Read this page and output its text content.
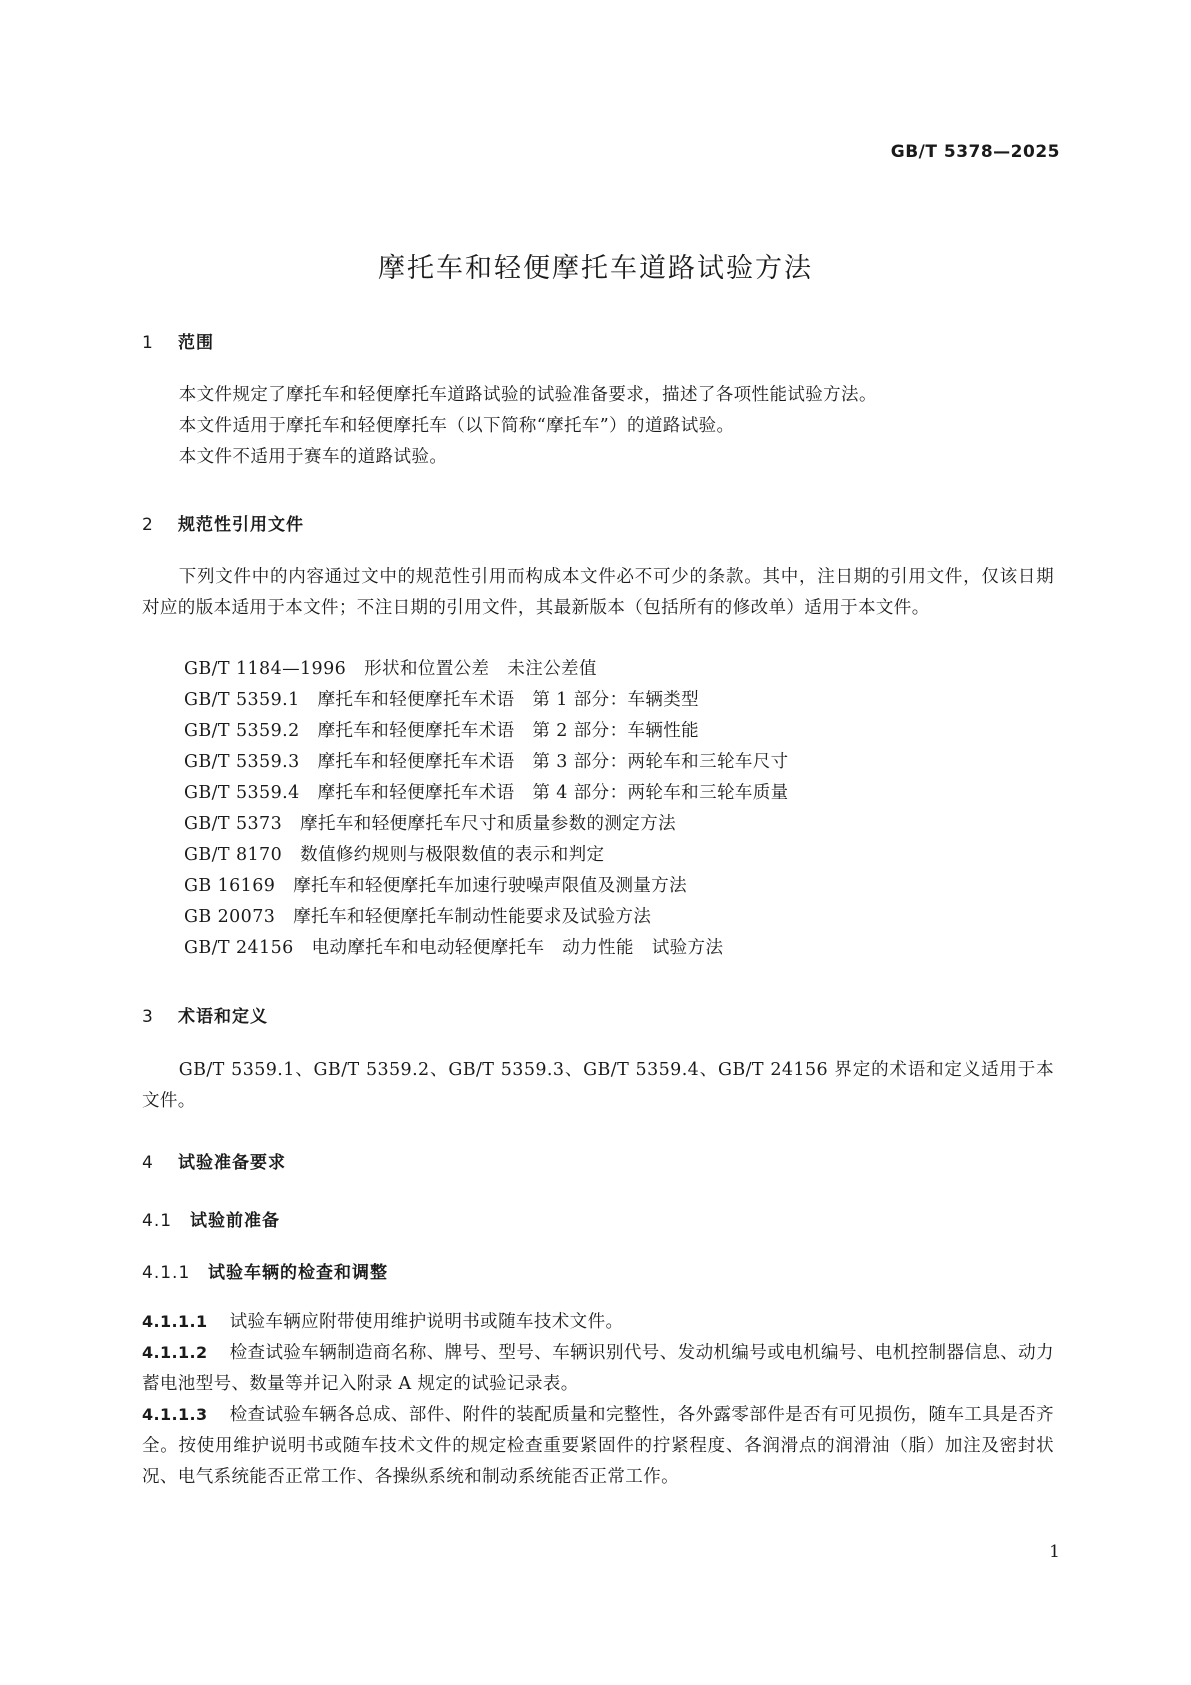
GB/T 5378—2025
摩托车和轻便摩托车道路试验方法
1 范围
本文件规定了摩托车和轻便摩托车道路试验的试验准备要求，描述了各项性能试验方法。
本文件适用于摩托车和轻便摩托车（以下简称“摩托车”）的道路试验。
本文件不适用于赛车的道路试验。
2 规范性引用文件
下列文件中的内容通过文中的规范性引用而构成本文件必不可少的条款。其中，注日期的引用文件，仅该日期对应的版本适用于本文件；不注日期的引用文件，其最新版本（包括所有的修改单）适用于本文件。
GB/T 1184—1996 形状和位置公差　未注公差值
GB/T 5359.1 摩托车和轻便摩托车术语　第 1 部分：车辆类型
GB/T 5359.2 摩托车和轻便摩托车术语　第 2 部分：车辆性能
GB/T 5359.3 摩托车和轻便摩托车术语　第 3 部分：两轮车和三轮车尺寸
GB/T 5359.4 摩托车和轻便摩托车术语　第 4 部分：两轮车和三轮车质量
GB/T 5373 摩托车和轻便摩托车尺寸和质量参数的测定方法
GB/T 8170 数值修约规则与极限数值的表示和判定
GB 16169 摩托车和轻便摩托车加速行驶噪声限值及测量方法
GB 20073 摩托车和轻便摩托车制动性能要求及试验方法
GB/T 24156 电动摩托车和电动轻便摩托车　动力性能　试验方法
3 术语和定义
GB/T 5359.1、GB/T 5359.2、GB/T 5359.3、GB/T 5359.4、GB/T 24156 界定的术语和定义适用于本文件。
4 试验准备要求
4.1 试验前准备
4.1.1 试验车辆的检查和调整
4.1.1.1 试验车辆应附带使用维护说明书或随车技术文件。
4.1.1.2 检查试验车辆制造商名称、牌号、型号、车辆识别代号、发动机编号或电机编号、电机控制器信息、动力蓄电池型号、数量等并记入附录 A 规定的试验记录表。
4.1.1.3 检查试验车辆各总成、部件、附件的装配质量和完整性，各外露零部件是否有可见损伤，随车工具是否齐全。按使用维护说明书或随车技术文件的规定检查重要紧固件的拧紧程度、各润滑点的润滑油（脂）加注及密封状况、电气系统能否正常工作、各操纵系统和制动系统能否正常工作。
1
